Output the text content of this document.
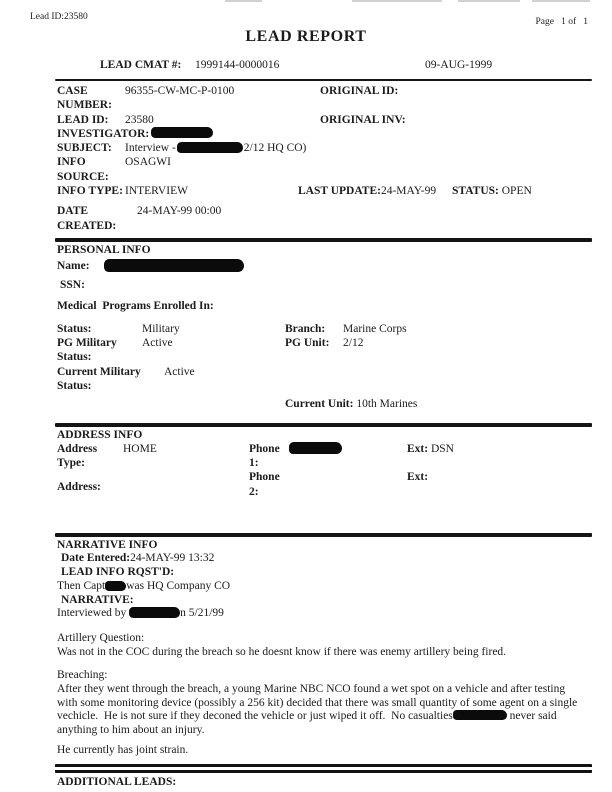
Lead ID:23580	Page   1 of   1
LEAD REPORT
LEAD CMAT #: 1999144-0000016	09-AUG-1999
CASE NUMBER:
96355-CW-MC-P-0100	ORIGINAL ID:
LEAD ID:	23580	ORIGINAL INV:
INVESTIGATOR:
SUBJECT:	Interview -	2/12 HQ CO)
INFO SOURCE:
OSAGWI
INFO TYPE: INTERVIEW	LAST UPDATE:24-MAY-99 STATUS: OPEN
DATE CREATED:
24-MAY-99 00:00
PERSONAL INFO
Name:
SSN:
Medical  Programs Enrolled In:
Status:	Military	Branch:	Marine Corps
PG Military Status:
Active	PG Unit:	2/12
Current Military Status:
Active
Current Unit:
10th Marines
ADDRESS INFO
Address Type:
HOME	Phone 1:
Ext: DSN
Phone 2:
Ext:
Address:
NARRATIVE INFO
Date Entered:24-MAY-99 13:32
LEAD INFO RQST'D:
Then Capt was HQ Company CO
NARRATIVE:
Interviewed by	n 5/21/99
Artillery Question:
Was not in the COC during the breach so he doesnt know if there was enemy artillery being fired.
Breaching:
After they went through the breach, a young Marine NBC NCO found a wet spot on a vehicle and after testing
with some monitoring device (possibly a 256 kit) decided that there was small quantity of some agent on a single
vechicle.  He is not sure if they deconed the vehicle or just wiped it off.  No casualties	never said
anything to him about an injury.
He currently has joint strain.
ADDITIONAL LEADS:
